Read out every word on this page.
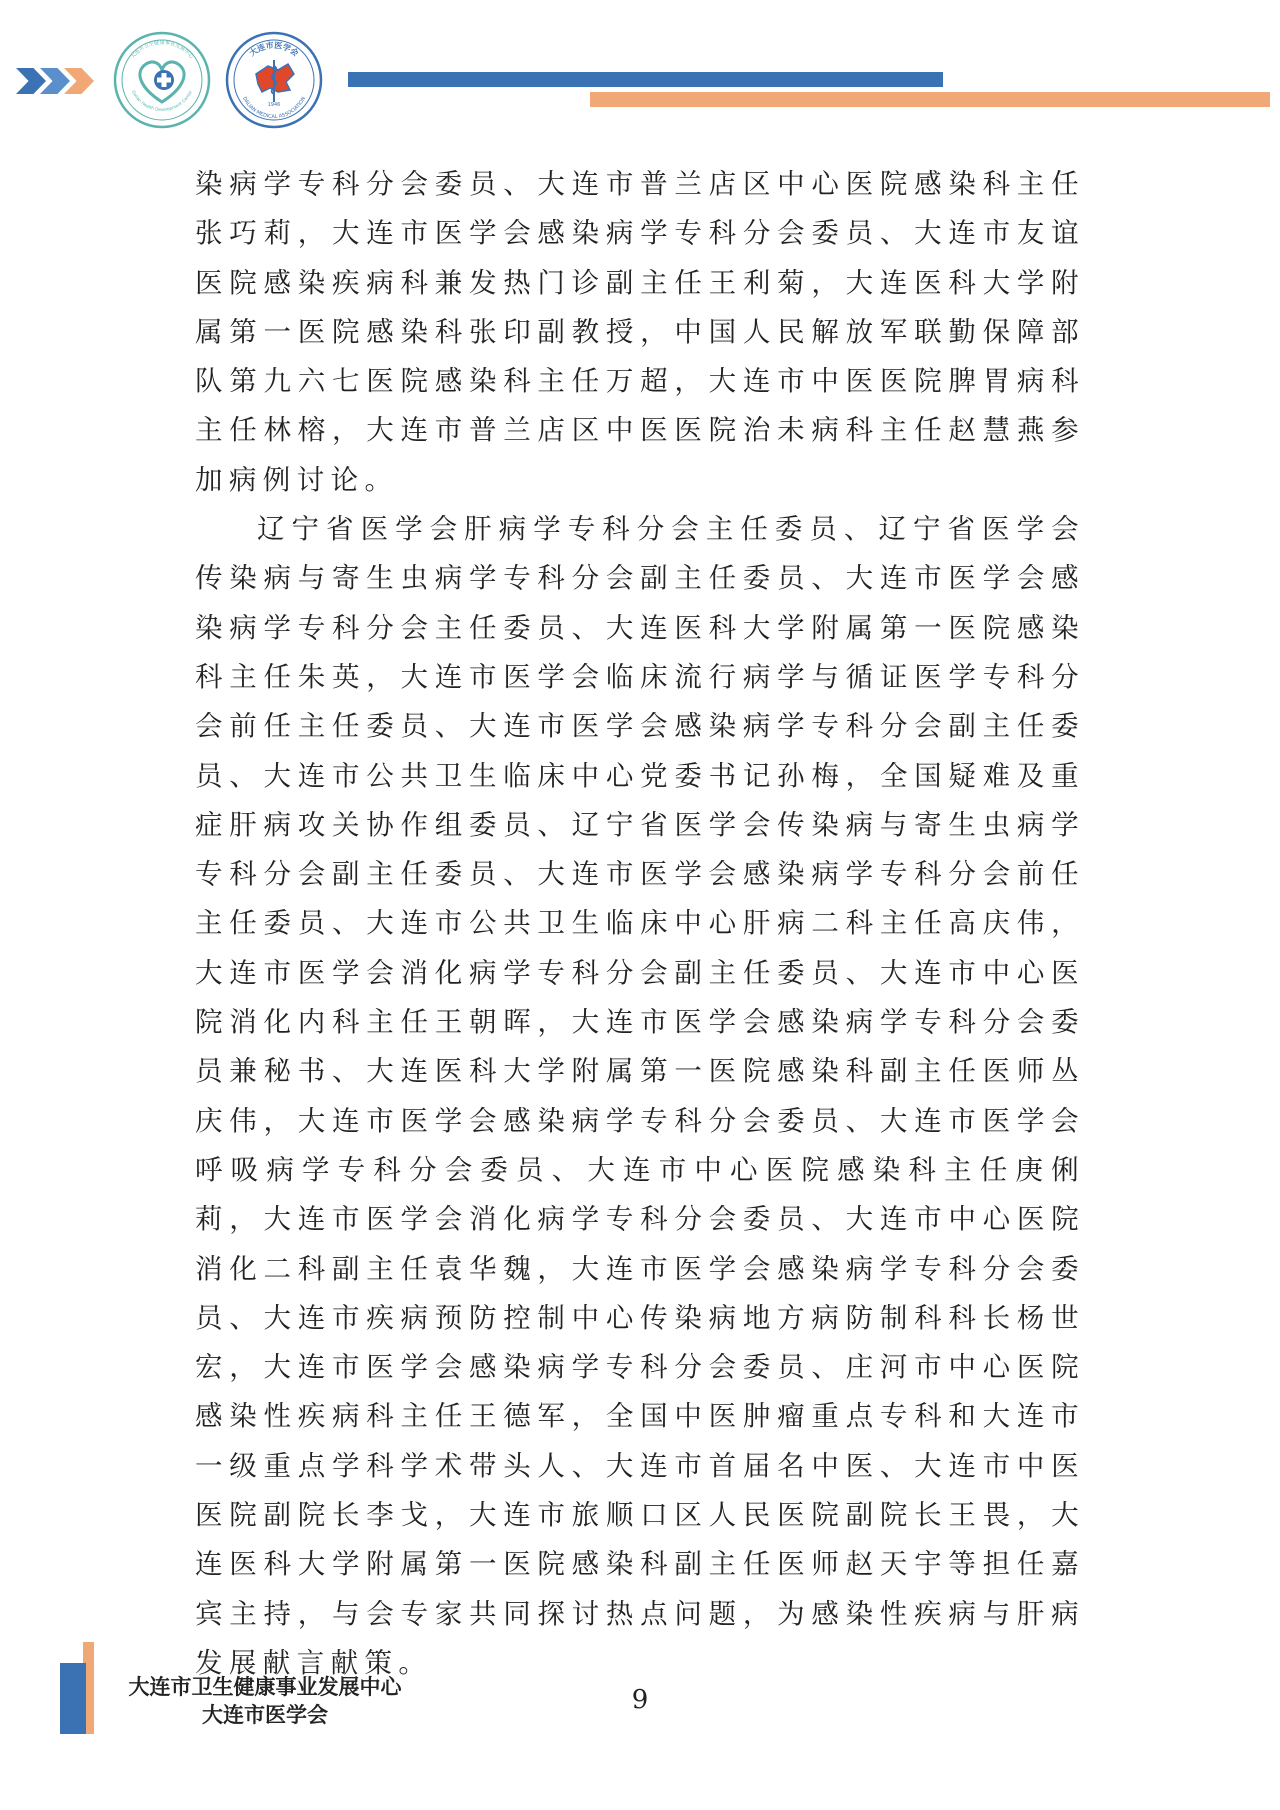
大连市卫生健康事业发展中心
Dalian Health Development Center
大连市医学会
DALIAN MEDICAL ASSOCIATION
1946

染病学专科分会委员、大连市普兰店区中心医院感染科主任张巧莉，大连市医学会感染病学专科分会委员、大连市友谊医院感染疾病科兼发热门诊副主任王利菊，大连医科大学附属第一医院感染科张印副教授，中国人民解放军联勤保障部队第九六七医院感染科主任万超，大连市中医医院脾胃病科主任林榕，大连市普兰店区中医医院治未病科主任赵慧燕参加病例讨论。

辽宁省医学会肝病学专科分会主任委员、辽宁省医学会传染病与寄生虫病学专科分会副主任委员、大连市医学会感染病学专科分会主任委员、大连医科大学附属第一医院感染科主任朱英，大连市医学会临床流行病学与循证医学专科分会前任主任委员、大连市医学会感染病学专科分会副主任委员、大连市公共卫生临床中心党委书记孙梅，全国疑难及重症肝病攻关协作组委员、辽宁省医学会传染病与寄生虫病学专科分会副主任委员、大连市医学会感染病学专科分会前任主任委员、大连市公共卫生临床中心肝病二科主任高庆伟，大连市医学会消化病学专科分会副主任委员、大连市中心医院消化内科主任王朝晖，大连市医学会感染病学专科分会委员兼秘书、大连医科大学附属第一医院感染科副主任医师丛庆伟，大连市医学会感染病学专科分会委员、大连市医学会呼吸病学专科分会委员、大连市中心医院感染科主任庚俐莉，大连市医学会消化病学专科分会委员、大连市中心医院消化二科副主任袁华魏，大连市医学会感染病学专科分会委员、大连市疾病预防控制中心传染病地方病防制科科长杨世宏，大连市医学会感染病学专科分会委员、庄河市中心医院感染性疾病科主任王德军，全国中医肿瘤重点专科和大连市一级重点学科学术带头人、大连市首届名中医、大连市中医医院副院长李戈，大连市旅顺口区人民医院副院长王畏，大连医科大学附属第一医院感染科副主任医师赵天宇等担任嘉宾主持，与会专家共同探讨热点问题，为感染性疾病与肝病发展献言献策。

大连市卫生健康事业发展中心
大连市医学会	9
